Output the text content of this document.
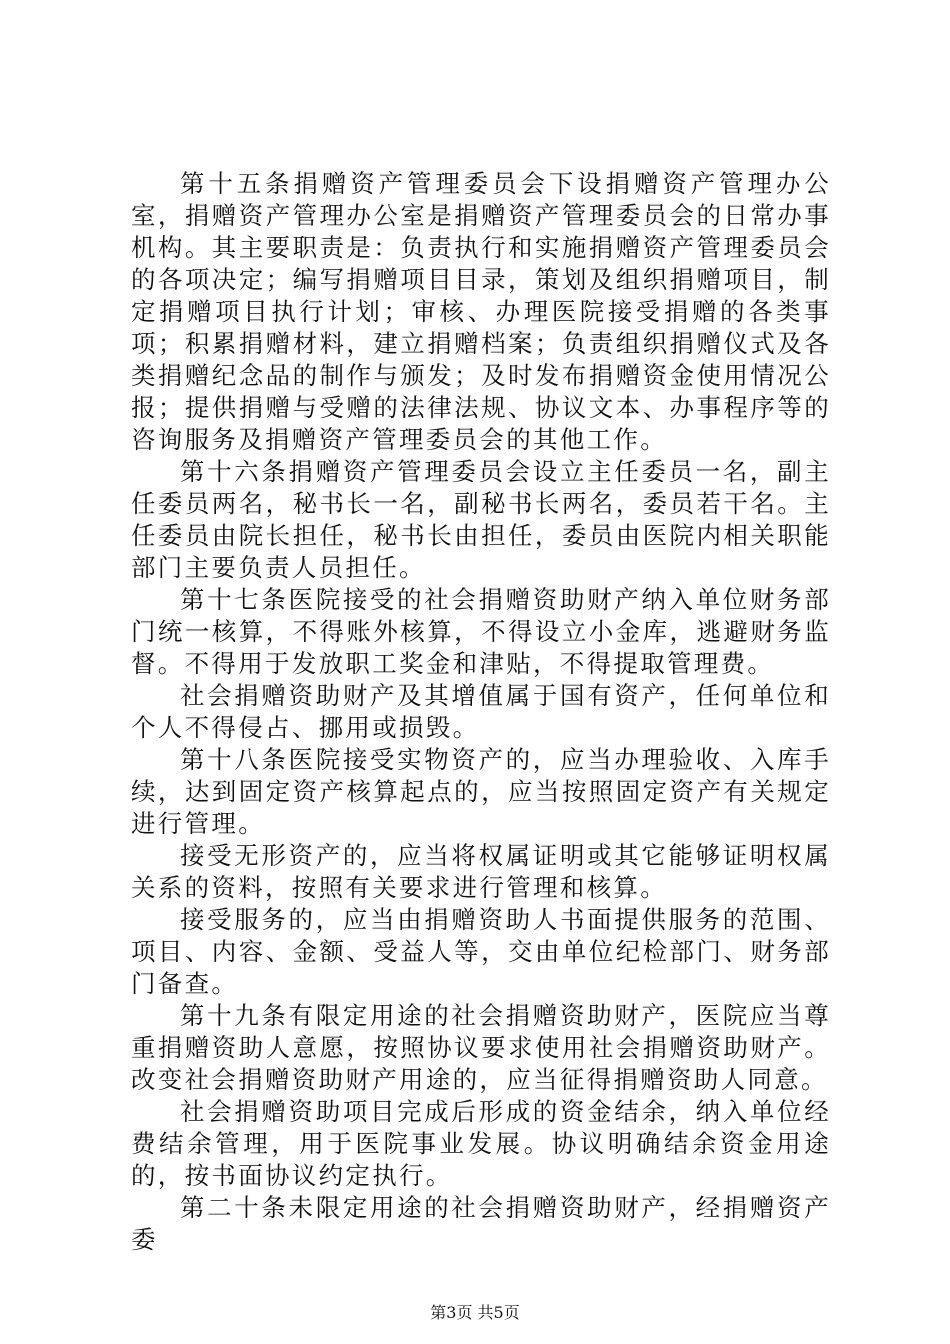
第十五条捐赠资产管理委员会下设捐赠资产管理办公室，捐赠资产管理办公室是捐赠资产管理委员会的日常办事机构。其主要职责是：负责执行和实施捐赠资产管理委员会的各项决定；编写捐赠项目目录，策划及组织捐赠项目，制定捐赠项目执行计划；审核、办理医院接受捐赠的各类事项；积累捐赠材料，建立捐赠档案；负责组织捐赠仪式及各类捐赠纪念品的制作与颁发；及时发布捐赠资金使用情况公报；提供捐赠与受赠的法律法规、协议文本、办事程序等的咨询服务及捐赠资产管理委员会的其他工作。

第十六条捐赠资产管理委员会设立主任委员一名，副主任委员两名，秘书长一名，副秘书长两名，委员若干名。主任委员由院长担任，秘书长由担任，委员由医院内相关职能部门主要负责人员担任。

第十七条医院接受的社会捐赠资助财产纳入单位财务部门统一核算，不得账外核算，不得设立小金库，逃避财务监督。不得用于发放职工奖金和津贴，不得提取管理费。

社会捐赠资助财产及其增值属于国有资产，任何单位和个人不得侵占、挪用或损毁。

第十八条医院接受实物资产的，应当办理验收、入库手续，达到固定资产核算起点的，应当按照固定资产有关规定进行管理。

接受无形资产的，应当将权属证明或其它能够证明权属关系的资料，按照有关要求进行管理和核算。

接受服务的，应当由捐赠资助人书面提供服务的范围、项目、内容、金额、受益人等，交由单位纪检部门、财务部门备查。

第十九条有限定用途的社会捐赠资助财产，医院应当尊重捐赠资助人意愿，按照协议要求使用社会捐赠资助财产。改变社会捐赠资助财产用途的，应当征得捐赠资助人同意。

社会捐赠资助项目完成后形成的资金结余，纳入单位经费结余管理，用于医院事业发展。协议明确结余资金用途的，按书面协议约定执行。

第二十条未限定用途的社会捐赠资助财产，经捐赠资产委

第3页 共5页
